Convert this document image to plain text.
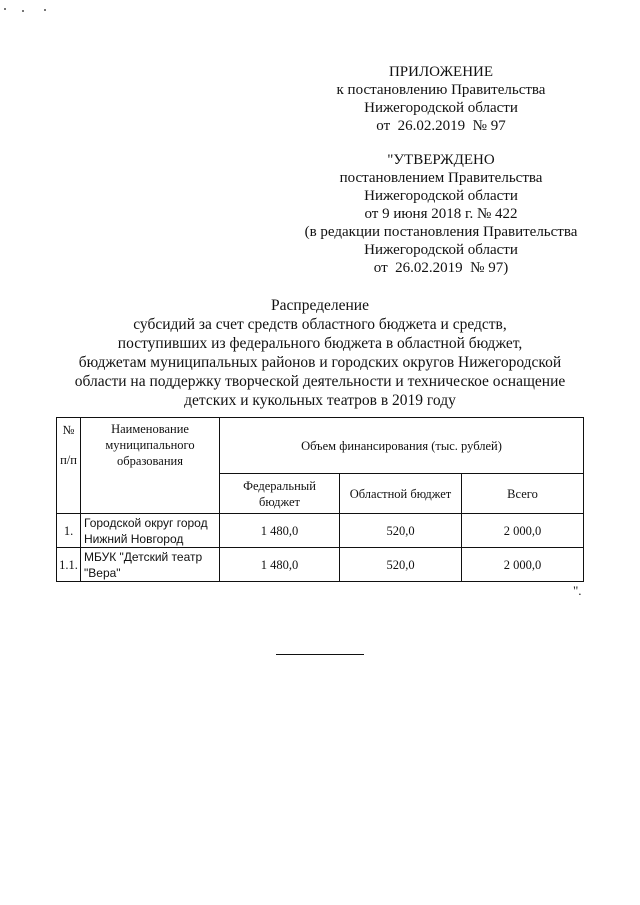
ПРИЛОЖЕНИЕ
к постановлению Правительства
Нижегородской области
от  26.02.2019  № 97
"УТВЕРЖДЕНО
постановлением Правительства
Нижегородской области
от 9 июня 2018 г. № 422
(в редакции постановления Правительства
Нижегородской области
от  26.02.2019  № 97)
Распределение
субсидий за счет средств областного бюджета и средств,
поступивших из федерального бюджета в областной бюджет,
бюджетам муниципальных районов и городских округов Нижегородской
области на поддержку творческой деятельности и техническое оснащение
детских и кукольных театров в 2019 году
№
п/п	Наименование муниципального образования	Объем финансирования (тыс. рублей)		
		Федеральный бюджет	Областной бюджет	Всего
1.	Городской округ город Нижний Новгород	1 480,0	520,0	2 000,0
1.1.	МБУК "Детский театр "Вера"	1 480,0	520,0	2 000,0
".
